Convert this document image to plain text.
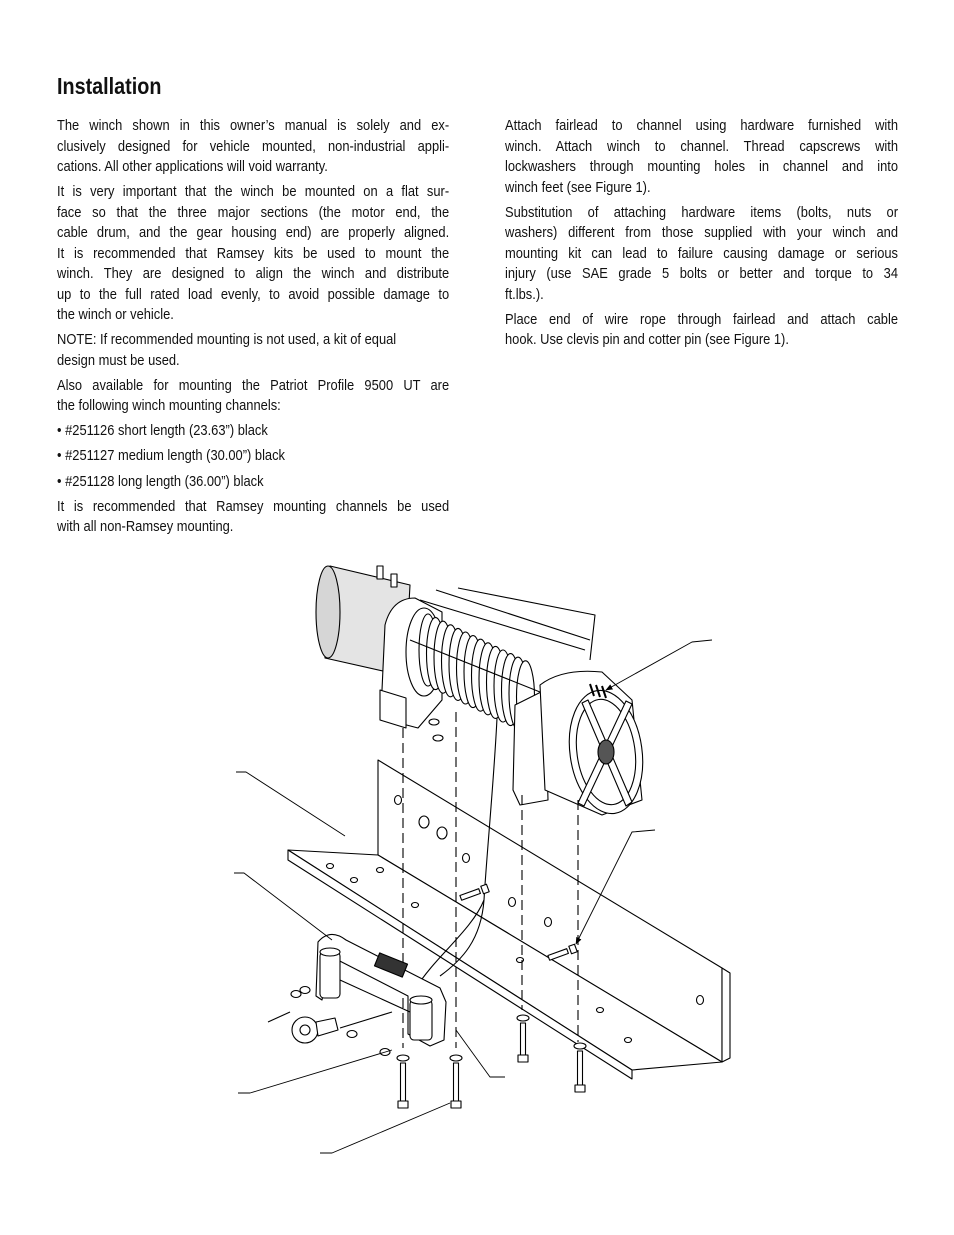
Installation
The winch shown in this owner’s manual is solely and ex-
clusively designed for vehicle mounted, non-industrial appli-
cations. All other applications will void warranty.
It is very important that the winch be mounted on a flat sur-
face so that the three major sections (the motor end, the
cable drum, and the gear housing end) are properly aligned.
It is recommended that Ramsey kits be used to mount the
winch. They are designed to align the winch and distribute
up to the full rated load evenly, to avoid possible damage to
the winch or vehicle.
NOTE: If recommended mounting is not used, a kit of equal
design must be used.
Also available for mounting the Patriot Profile 9500 UT are
the following winch mounting channels:
• #251126 short length (23.63”) black
• #251127 medium length (30.00”) black
• #251128 long length (36.00”) black
It is recommended that Ramsey mounting channels be used
with all non-Ramsey mounting.
Attach fairlead to channel using hardware furnished with
winch. Attach winch to channel. Thread capscrews with
lockwashers through mounting holes in channel and into
winch feet (see Figure 1).
Substitution of attaching hardware items (bolts, nuts or
washers) different from those supplied with your winch and
mounting kit can lead to failure causing damage or serious
injury (use SAE grade 5 bolts or better and torque to 34
ft.lbs.).
Place end of wire rope through fairlead and attach cable
hook. Use clevis pin and cotter pin (see Figure 1).
